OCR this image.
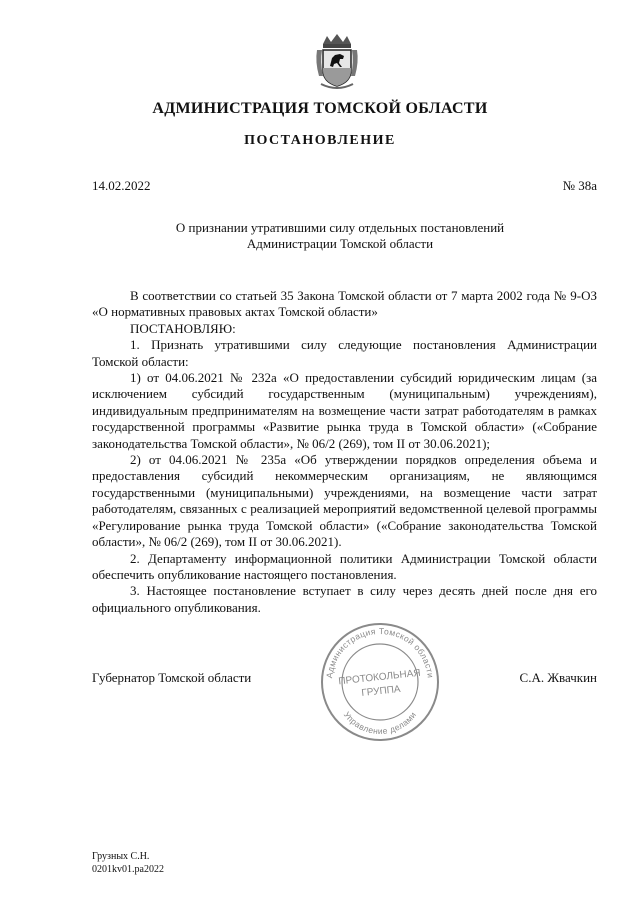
АДМИНИСТРАЦИЯ ТОМСКОЙ ОБЛАСТИ
ПОСТАНОВЛЕНИЕ
14.02.2022	№ 38а
О признании утратившими силу отдельных постановлений
Администрации Томской области

В соответствии со статьей 35 Закона Томской области от 7 марта 2002 года № 9-ОЗ «О нормативных правовых актах Томской области»

ПОСТАНОВЛЯЮ:

1. Признать утратившими силу следующие постановления Администрации Томской области:

1) от 04.06.2021 № 232а «О предоставлении субсидий юридическим лицам (за исключением субсидий государственным (муниципальным) учреждениям), индивидуальным предпринимателям на возмещение части затрат работодателям в рамках государственной программы «Развитие рынка труда в Томской области» («Собрание законодательства Томской области», № 06/2 (269), том II от 30.06.2021);

2) от 04.06.2021 № 235а «Об утверждении порядков определения объема и предоставления субсидий некоммерческим организациям, не являющимся государственными (муниципальными) учреждениями, на возмещение части затрат работодателям, связанных с реализацией мероприятий ведомственной целевой программы «Регулирование рынка труда Томской области» («Собрание законодательства Томской области», № 06/2 (269), том II от 30.06.2021).

2. Департаменту информационной политики Администрации Томской области обеспечить опубликование настоящего постановления.

3. Настоящее постановление вступает в силу через десять дней после дня его официального опубликования.

Губернатор Томской области	С.А. Жвачкин
Администрация Томской области
Управление делами
ПРОТОКОЛЬНАЯ
ГРУППА
Грузных С.Н.
0201kv01.pa2022
